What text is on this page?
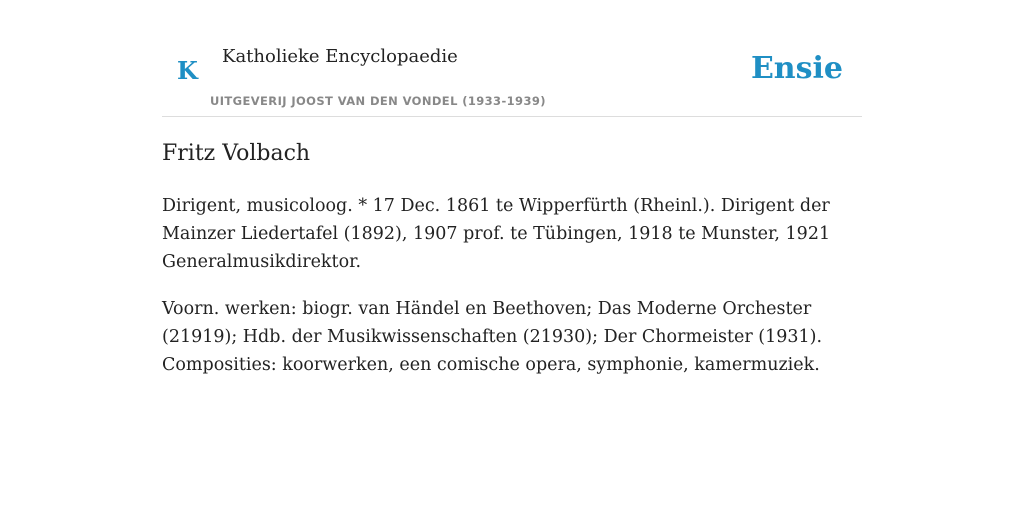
K Katholieke Encyclopaedie
UITGEVERIJ JOOST VAN DEN VONDEL (1933-1939)
Ensie
Fritz Volbach

Dirigent, musicoloog. * 17 Dec. 1861 te Wipperfürth (Rheinl.). Dirigent der Mainzer Liedertafel (1892), 1907 prof. te Tübingen, 1918 te Munster, 1921 Generalmusikdirektor.

Voorn. werken: biogr. van Händel en Beethoven; Das Moderne Orchester (21919); Hdb. der Musikwissenschaften (21930); Der Chormeister (1931). Composities: koorwerken, een comische opera, symphonie, kamermuziek.
